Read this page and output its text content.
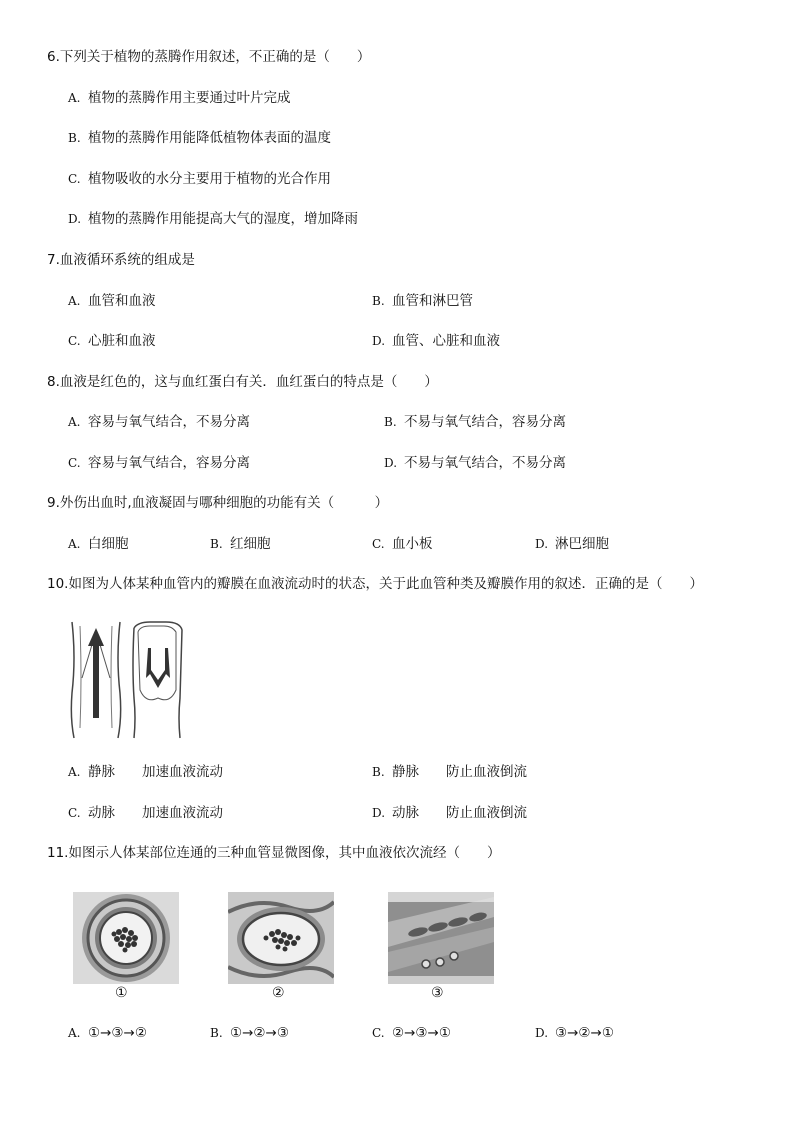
6.下列关于植物的蒸腾作用叙述，不正确的是（　　）
A. 植物的蒸腾作用主要通过叶片完成
B. 植物的蒸腾作用能降低植物体表面的温度
C. 植物吸收的水分主要用于植物的光合作用
D. 植物的蒸腾作用能提高大气的湿度，增加降雨
7.血液循环系统的组成是
A. 血管和血液	B. 血管和淋巴管
C. 心脏和血液	D. 血管、心脏和血液
8.血液是红色的，这与血红蛋白有关．血红蛋白的特点是（　　）
A. 容易与氧气结合，不易分离	B. 不易与氧气结合，容易分离
C. 容易与氧气结合，容易分离	D. 不易与氧气结合，不易分离
9.外伤出血时,血液凝固与哪种细胞的功能有关（　　　）
A. 白细胞	B. 红细胞	C. 血小板	D. 淋巴细胞
10.如图为人体某种血管内的瓣膜在血液流动时的状态，关于此血管种类及瓣膜作用的叙述．正确的是（　　）
A. 静脉　　加速血液流动	B. 静脉　　防止血液倒流
C. 动脉　　加速血液流动	D. 动脉　　防止血液倒流
11.如图示人体某部位连通的三种血管显微图像，其中血液依次流经（　　）
①	②	③
A. ①→③→②	B. ①→②→③	C. ②→③→①	D. ③→②→①
